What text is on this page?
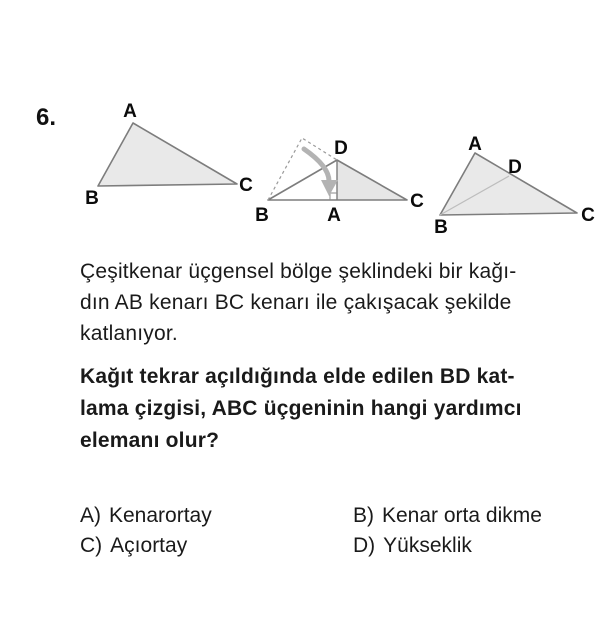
6.	A
B
C
B
D
A
C
A
D
B
C
Çeşitkenar üçgensel bölge şeklindeki bir kağı-
dın AB kenarı BC kenarı ile çakışacak şekilde
katlanıyor.
Kağıt tekrar açıldığında elde edilen BD kat-
lama çizgisi, ABC üçgeninin hangi yardımcı
elemanı olur?
A) Kenarortay	B) Kenar orta dikme
C) Açıortay	D) Yükseklik
